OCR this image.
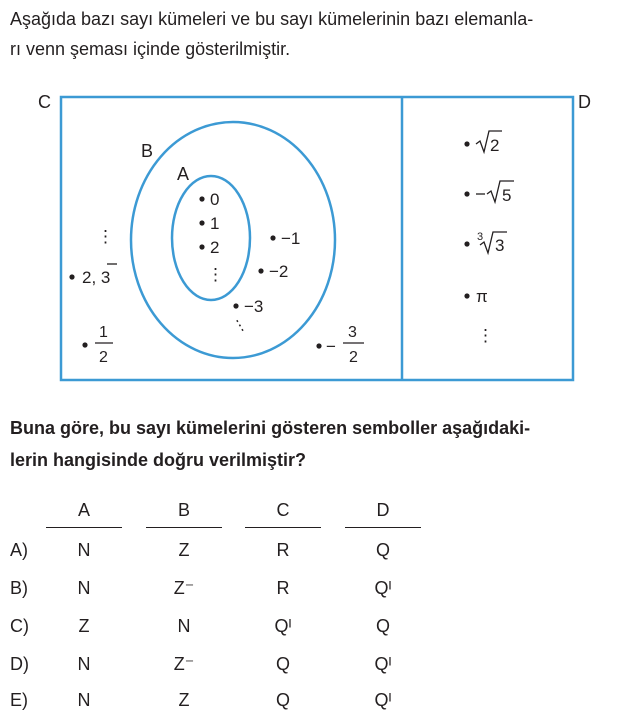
Aşağıda bazı sayı kümeleri ve bu sayı kümelerinin bazı elemanla-
rı venn şeması içinde gösterilmiştir.
C	D
B
A
0
1
2
⋮
−1
−2
−3
⋮
⋮
2, 3
1
2
−
3
2
2
5
3 3
π
⋮
Buna göre, bu sayı kümelerini gösteren semboller aşağıdaki-
lerin hangisinde doğru verilmiştir?
A	B	C	D
A)	N	Z	R	Q
B)	N	Z⁻	R	Qᴵ
C)	Z	N	Qᴵ	Q
D)	N	Z⁻	Q	Qᴵ
E)	N	Z	Q	Qᴵ
